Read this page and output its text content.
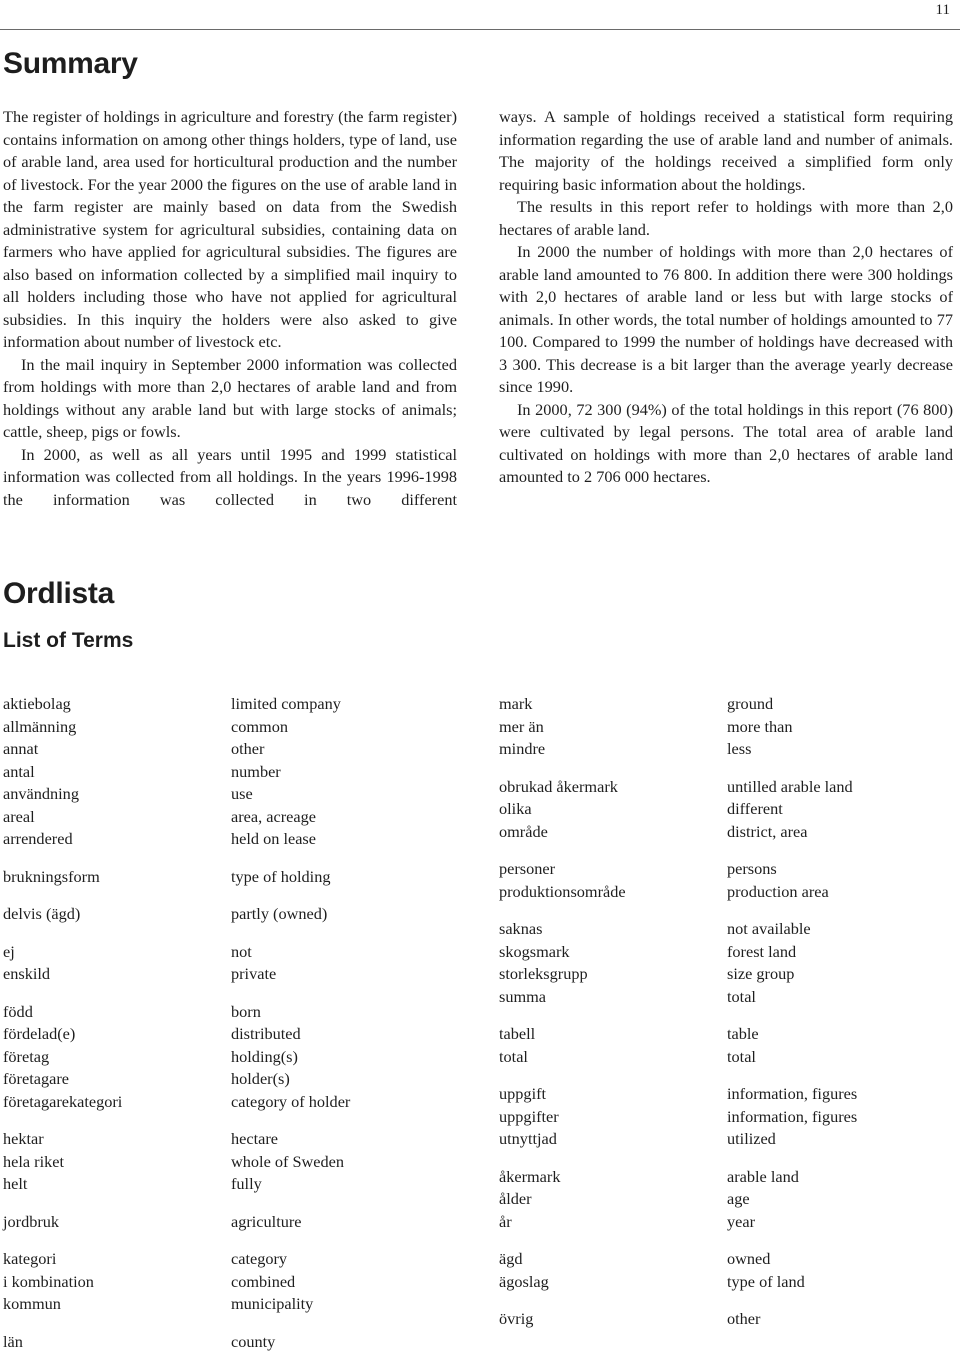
11
Summary

The register of holdings in agriculture and forestry (the farm register) contains information on among other things holders, type of land, use of arable land, area used for horticultural production and the number of livestock. For the year 2000 the figures on the use of arable land in the farm register are mainly based on data from the Swedish administrative system for agricultural subsidies, containing data on farmers who have applied for agricultural subsidies. The figures are also based on information collected by a simplified mail inquiry to all holders including those who have not applied for agricultural subsidies. In this inquiry the holders were also asked to give information about number of livestock etc.

In the mail inquiry in September 2000 information was collected from holdings with more than 2,0 hectares of arable land and from holdings without any arable land but with large stocks of animals; cattle, sheep, pigs or fowls.

In 2000, as well as all years until 1995 and 1999 statistical information was collected from all holdings. In the years 1996-1998 the information was collected in two different

ways. A sample of holdings received a statistical form requiring information regarding the use of arable land and number of animals. The majority of the holdings received a simplified form only requiring basic information about the holdings.

The results in this report refer to holdings with more than 2,0 hectares of arable land.

In 2000 the number of holdings with more than 2,0 hectares of arable land amounted to 76 800. In addition there were 300 holdings with 2,0 hectares of arable land or less but with large stocks of animals. In other words, the total number of holdings amounted to 77 100. Compared to 1999 the number of holdings have decreased with 3 300. This decrease is a bit larger than the average yearly decrease since 1990.

In 2000, 72 300 (94%) of the total holdings in this report (76 800) were cultivated by legal persons. The total area of arable land cultivated on holdings with more than 2,0 hectares of arable land amounted to 2 706 000 hectares.

Ordlista
List of Terms
aktiebolag	limited company
allmänning	common
annat	other
antal	number
användning	use
areal	area, acreage
arrendered	held on lease
brukningsform	type of holding
delvis (ägd)	partly (owned)
ej	not
enskild	private
född	born
fördelad(e)	distributed
företag	holding(s)
företagare	holder(s)
företagarekategori	category of holder
hektar	hectare
hela riket	whole of Sweden
helt	fully
jordbruk	agriculture
kategori	category
i kombination	combined
kommun	municipality
län	county
mark	ground
mer än	more than
mindre	less
obrukad åkermark	untilled arable land
olika	different
område	district, area
personer	persons
produktionsområde	production area
saknas	not available
skogsmark	forest land
storleksgrupp	size group
summa	total
tabell	table
total	total
uppgift	information, figures
uppgifter	information, figures
utnyttjad	utilized
åkermark	arable land
ålder	age
år	year
ägd	owned
ägoslag	type of land
övrig	other
